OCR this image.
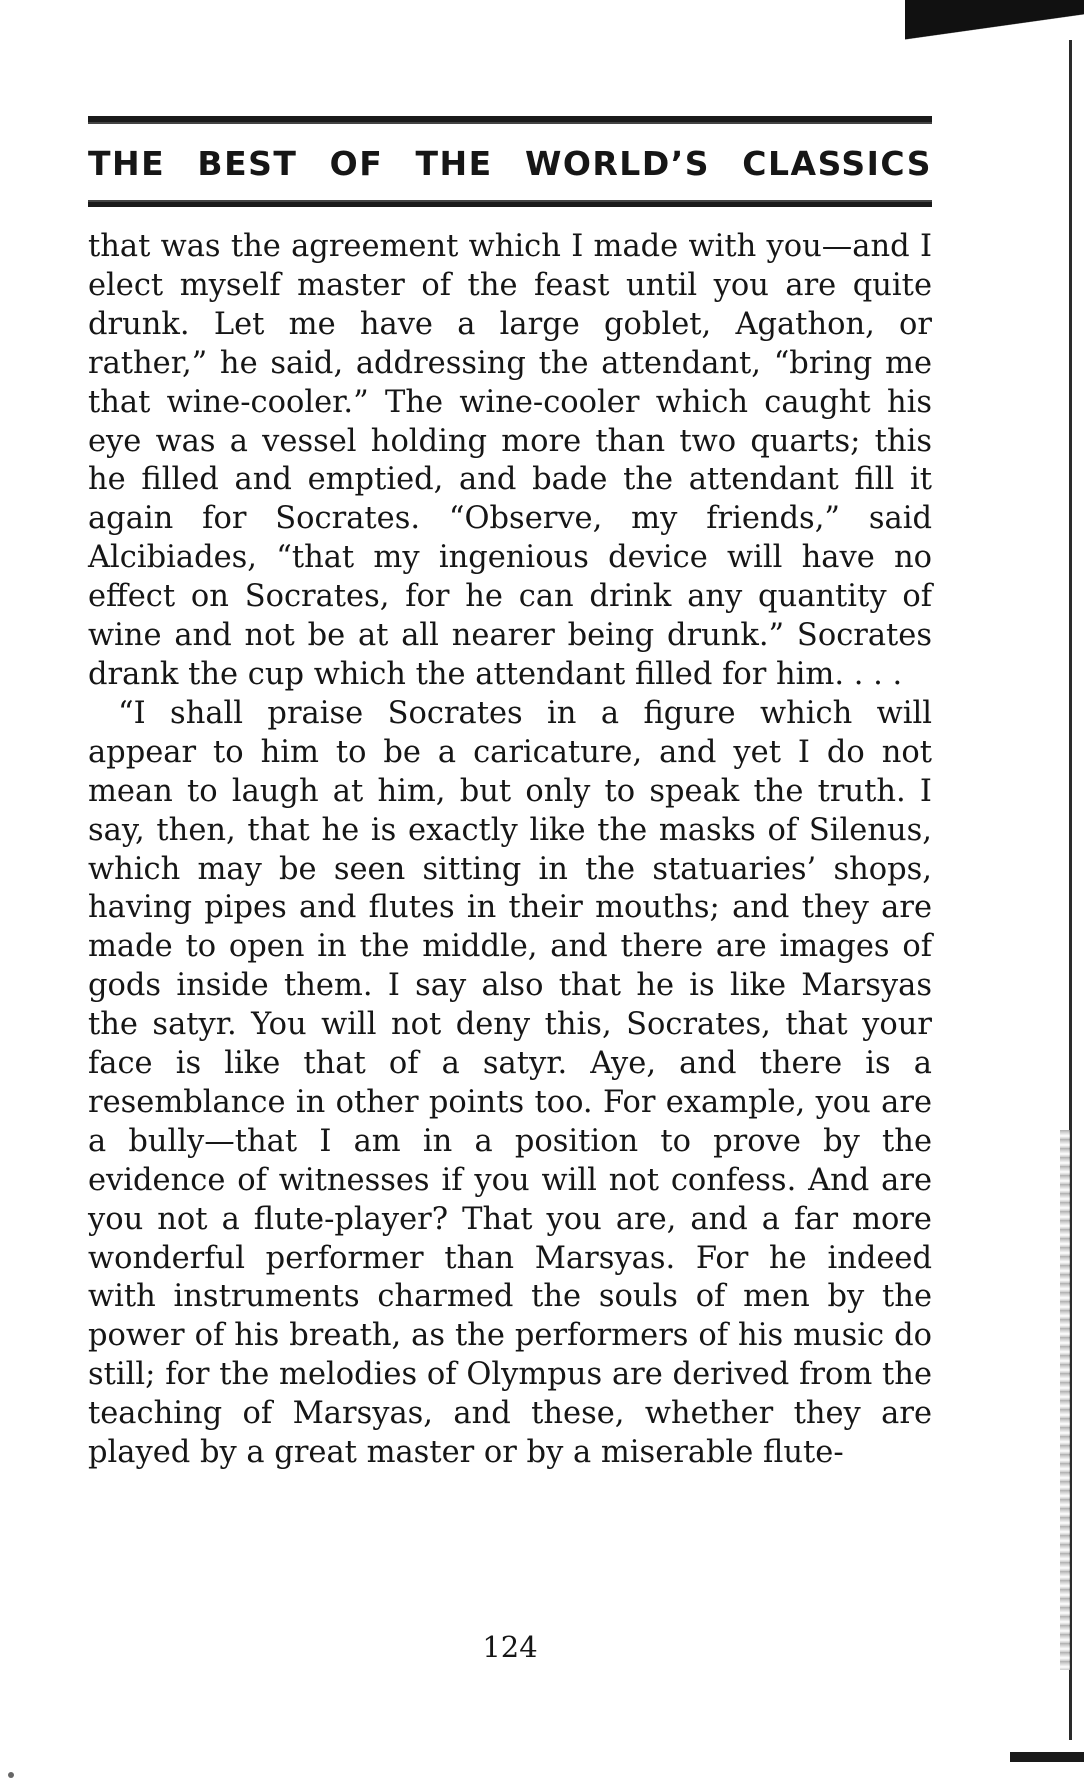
THE BEST OF THE WORLD’S CLASSICS

that was the agreement which I made with you—and I elect myself master of the feast until you are quite drunk. Let me have a large goblet, Agathon, or rather,” he said, addressing the attendant, “bring me that wine-cooler.” The wine-cooler which caught his eye was a vessel holding more than two quarts; this he filled and emptied, and bade the attendant fill it again for Socrates. “Observe, my friends,” said Alcibiades, “that my ingenious device will have no effect on Socrates, for he can drink any quantity of wine and not be at all nearer being drunk.” Socrates drank the cup which the attendant filled for him. . . .

“I shall praise Socrates in a figure which will appear to him to be a caricature, and yet I do not mean to laugh at him, but only to speak the truth. I say, then, that he is exactly like the masks of Silenus, which may be seen sitting in the statuaries’ shops, having pipes and flutes in their mouths; and they are made to open in the middle, and there are images of gods inside them. I say also that he is like Marsyas the satyr. You will not deny this, Socrates, that your face is like that of a satyr. Aye, and there is a resemblance in other points too. For example, you are a bully—that I am in a position to prove by the evidence of witnesses if you will not confess. And are you not a flute-player? That you are, and a far more wonderful performer than Marsyas. For he indeed with instruments charmed the souls of men by the power of his breath, as the performers of his music do still; for the melodies of Olympus are derived from the teaching of Marsyas, and these, whether they are played by a great master or by a miserable flute-

124
